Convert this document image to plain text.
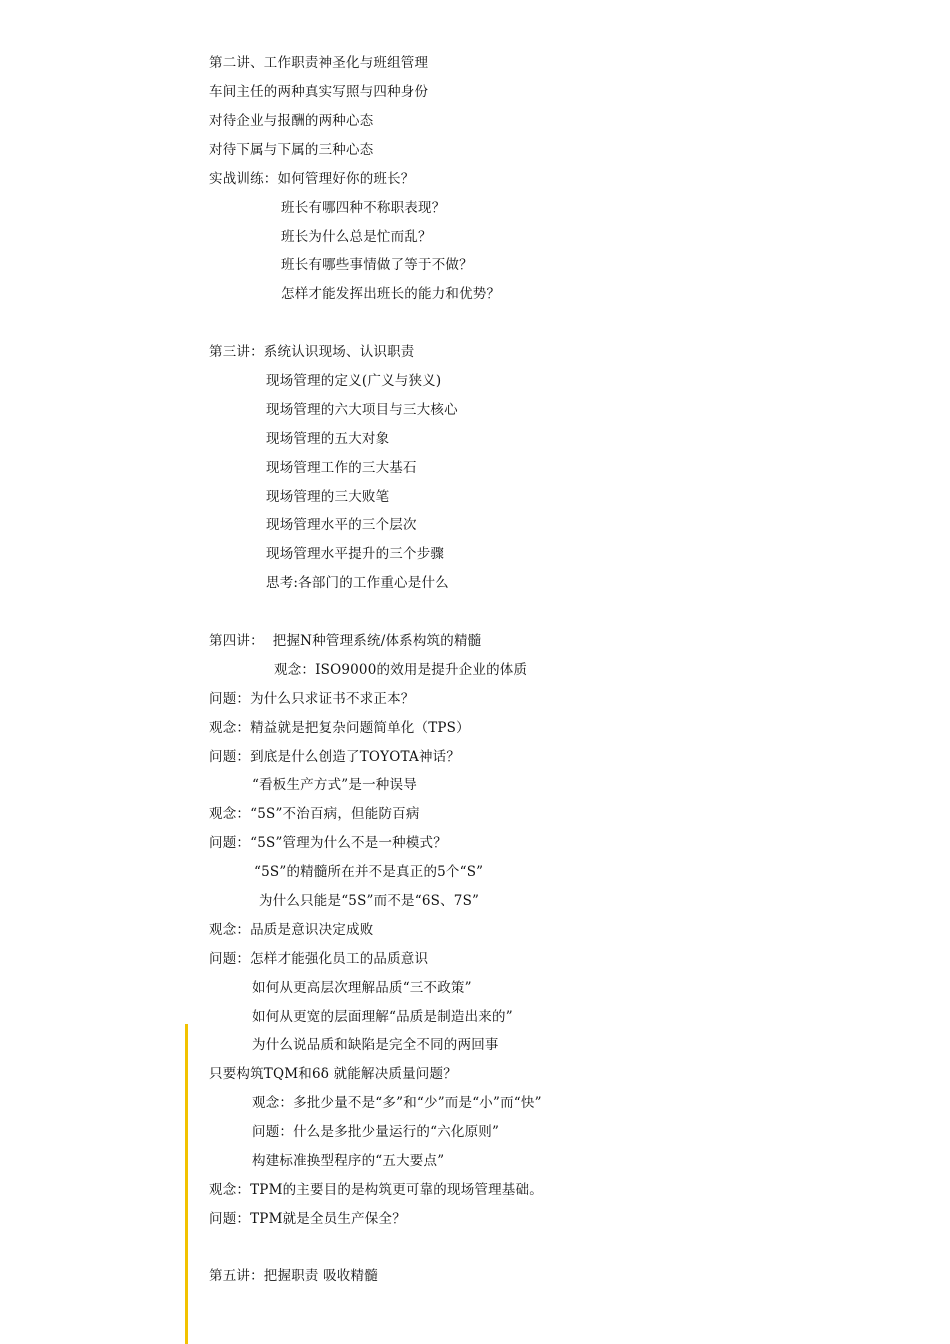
第二讲、工作职责神圣化与班组管理
车间主任的两种真实写照与四种身份
对待企业与报酬的两种心态
对待下属与下属的三种心态
实战训练：如何管理好你的班长？
班长有哪四种不称职表现？
班长为什么总是忙而乱？
班长有哪些事情做了等于不做？
怎样才能发挥出班长的能力和优势？
第三讲：系统认识现场、认识职责
现场管理的定义(广义与狭义)
现场管理的六大项目与三大核心
现场管理的五大对象
现场管理工作的三大基石
现场管理的三大败笔
现场管理水平的三个层次
现场管理水平提升的三个步骤
思考:各部门的工作重心是什么
第四讲：  把握N种管理系统/体系构筑的精髓
观念：ISO9000的效用是提升企业的体质
问题：为什么只求证书不求正本？
观念：精益就是把复杂问题简单化（TPS）
问题：到底是什么创造了TOYOTA神话？
“看板生产方式”是一种误导
观念：“5S”不治百病，但能防百病
问题：“5S”管理为什么不是一种模式？
“5S”的精髓所在并不是真正的5个“S”
为什么只能是“5S”而不是“6S、7S”
观念：品质是意识决定成败
问题：怎样才能强化员工的品质意识
如何从更高层次理解品质“三不政策”
如何从更宽的层面理解“品质是制造出来的”
为什么说品质和缺陷是完全不同的两回事
只要构筑TQM和6δ 就能解决质量问题？
观念：多批少量不是“多”和“少”而是“小”而“快”
问题：什么是多批少量运行的“六化原则”
构建标准换型程序的“五大要点”
观念：TPM的主要目的是构筑更可靠的现场管理基础。
问题：TPM就是全员生产保全？
第五讲：把握职责 吸收精髓
